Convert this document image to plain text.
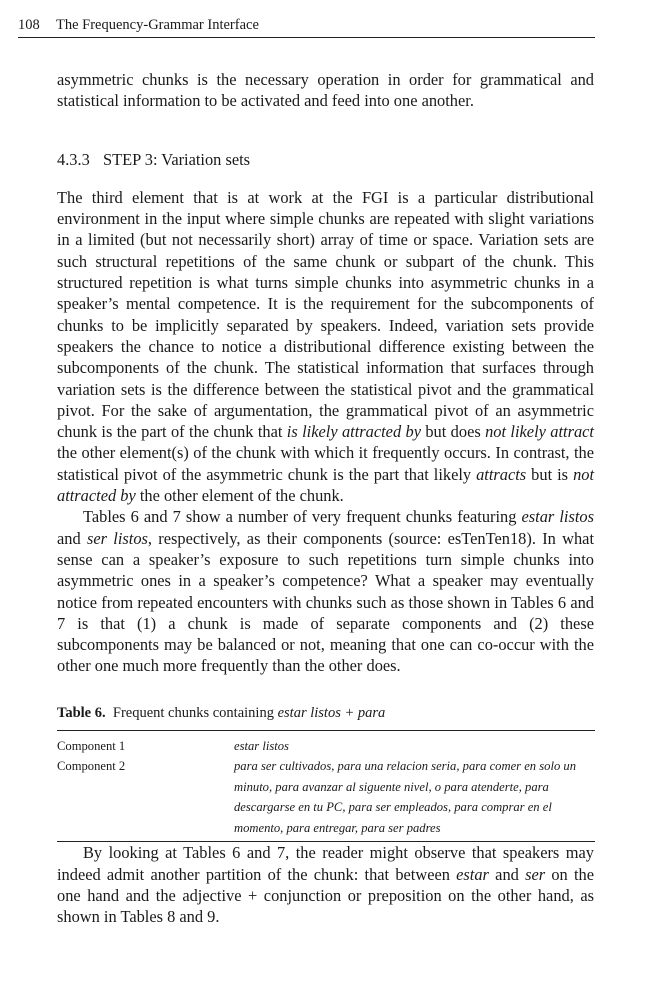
108 The Frequency-Grammar Interface

asymmetric chunks is the necessary operation in order for grammatical and statistical information to be activated and feed into one another.

4.3.3 STEP 3: Variation sets

The third element that is at work at the FGI is a particular distributional environment in the input where simple chunks are repeated with slight variations in a limited (but not necessarily short) array of time or space. Variation sets are such structural repetitions of the same chunk or subpart of the chunk. This structured repetition is what turns simple chunks into asymmetric chunks in a speaker’s mental competence. It is the requirement for the subcomponents of chunks to be implicitly separated by speakers. Indeed, variation sets provide speakers the chance to notice a distributional difference existing between the subcomponents of the chunk. The statistical information that surfaces through variation sets is the difference between the statistical pivot and the grammatical pivot. For the sake of argumentation, the grammatical pivot of an asymmetric chunk is the part of the chunk that is likely attracted by but does not likely attract the other element(s) of the chunk with which it frequently occurs. In contrast, the statistical pivot of the asymmetric chunk is the part that likely attracts but is not attracted by the other element of the chunk.

Tables 6 and 7 show a number of very frequent chunks featuring estar listos and ser listos, respectively, as their components (source: esTenTen18). In what sense can a speaker’s exposure to such repetitions turn simple chunks into asymmetric ones in a speaker’s competence? What a speaker may eventually notice from repeated encounters with chunks such as those shown in Tables 6 and 7 is that (1) a chunk is made of separate components and (2) these subcomponents may be balanced or not, meaning that one can co-occur with the other one much more frequently than the other does.

Table 6. Frequent chunks containing estar listos + para
Component 1	estar listos
Component 2	para ser cultivados, para una relacion seria, para comer en solo un minuto, para avanzar al siguente nivel, o para atenderte, para descargarse en tu PC, para ser empleados, para comprar en el momento, para entregar, para ser padres

By looking at Tables 6 and 7, the reader might observe that speakers may indeed admit another partition of the chunk: that between estar and ser on the one hand and the adjective + conjunction or preposition on the other hand, as shown in Tables 8 and 9.
